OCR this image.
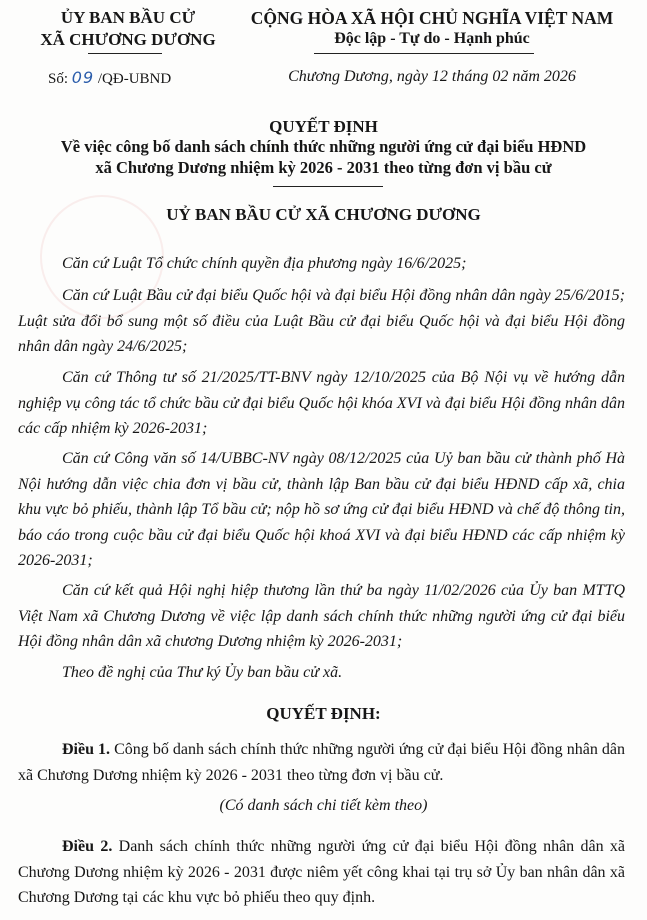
ỦY BAN BẦU CỬ
XÃ CHƯƠNG DƯƠNG
Số: 09 /QĐ-UBND
CỘNG HÒA XÃ HỘI CHỦ NGHĨA VIỆT NAM
Độc lập - Tự do - Hạnh phúc
Chương Dương, ngày 12 tháng 02 năm 2026
QUYẾT ĐỊNH
Về việc công bố danh sách chính thức những người ứng cử đại biểu HĐND
xã Chương Dương nhiệm kỳ 2026 - 2031 theo từng đơn vị bầu cử
UỶ BAN BẦU CỬ XÃ CHƯƠNG DƯƠNG
Căn cứ Luật Tổ chức chính quyền địa phương ngày 16/6/2025;
Căn cứ Luật Bầu cử đại biểu Quốc hội và đại biểu Hội đồng nhân dân ngày 25/6/2015; Luật sửa đổi bổ sung một số điều của Luật Bầu cử đại biểu Quốc hội và đại biểu Hội đồng nhân dân ngày 24/6/2025;
Căn cứ Thông tư số 21/2025/TT-BNV ngày 12/10/2025 của Bộ Nội vụ về hướng dẫn nghiệp vụ công tác tổ chức bầu cử đại biểu Quốc hội khóa XVI và đại biểu Hội đồng nhân dân các cấp nhiệm kỳ 2026-2031;
Căn cứ Công văn số 14/UBBC-NV ngày 08/12/2025 của Uỷ ban bầu cử thành phố Hà Nội hướng dẫn việc chia đơn vị bầu cử, thành lập Ban bầu cử đại biểu HĐND cấp xã, chia khu vực bỏ phiếu, thành lập Tổ bầu cử; nộp hồ sơ ứng cử đại biểu HĐND và chế độ thông tin, báo cáo trong cuộc bầu cử đại biểu Quốc hội khoá XVI và đại biểu HĐND các cấp nhiệm kỳ 2026-2031;
Căn cứ kết quả Hội nghị hiệp thương lần thứ ba ngày 11/02/2026 của Ủy ban MTTQ Việt Nam xã Chương Dương về việc lập danh sách chính thức những người ứng cử đại biểu Hội đồng nhân dân xã chương Dương nhiệm kỳ 2026-2031;
Theo đề nghị của Thư ký Ủy ban bầu cử xã.
QUYẾT ĐỊNH:
Điều 1. Công bố danh sách chính thức những người ứng cử đại biểu Hội đồng nhân dân xã Chương Dương nhiệm kỳ 2026 - 2031 theo từng đơn vị bầu cử.
(Có danh sách chi tiết kèm theo)
Điều 2. Danh sách chính thức những người ứng cử đại biểu Hội đồng nhân dân xã Chương Dương nhiệm kỳ 2026 - 2031 được niêm yết công khai tại trụ sở Ủy ban nhân dân xã Chương Dương tại các khu vực bỏ phiếu theo quy định.
